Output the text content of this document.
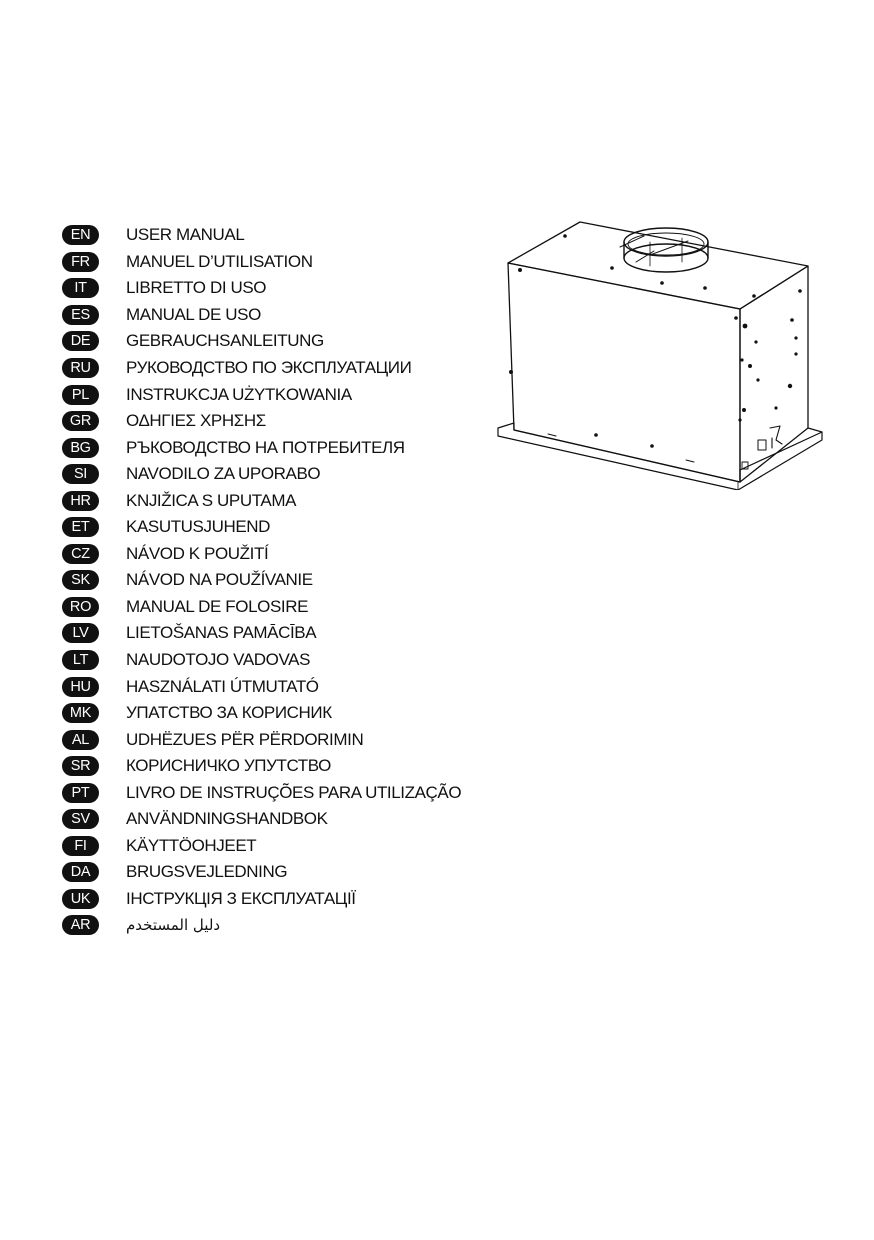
EN	USER MANUAL
FR	MANUEL D’UTILISATION
IT	LIBRETTO DI USO
ES	MANUAL DE USO
DE	GEBRAUCHSANLEITUNG
RU	РУКОВОДСТВО ПО ЭКСПЛУАТАЦИИ
PL	INSTRUKCJA UŻYTKOWANIA
GR	ΟΔΗΓΙΕΣ ΧΡΗΣΗΣ
BG	РЪКОВОДСТВО НА ПОТРЕБИТЕЛЯ
SI	NAVODILO ZA UPORABO
HR	KNJIŽICA S UPUTAMA
ET	KASUTUSJUHEND
CZ	NÁVOD K POUŽITÍ
SK	NÁVOD NA POUŽÍVANIE
RO	MANUAL DE FOLOSIRE
LV	LIETOŠANAS PAMĀCĪBA
LT	NAUDOTOJO VADOVAS
HU	HASZNÁLATI ÚTMUTATÓ
MK	УПАТСТВО ЗА КОРИСНИК
AL	UDHËZUES PËR PËRDORIMIN
SR	КОРИСНИЧКО УПУТСТВО
PT	LIVRO DE INSTRUÇÕES PARA UTILIZAÇÃO
SV	ANVÄNDNINGSHANDBOK
FI	KÄYTTÖOHJEET
DA	BRUGSVEJLEDNING
UK	ІНСТРУКЦІЯ З ЕКСПЛУАТАЦІЇ
AR	دليل المستخدم
